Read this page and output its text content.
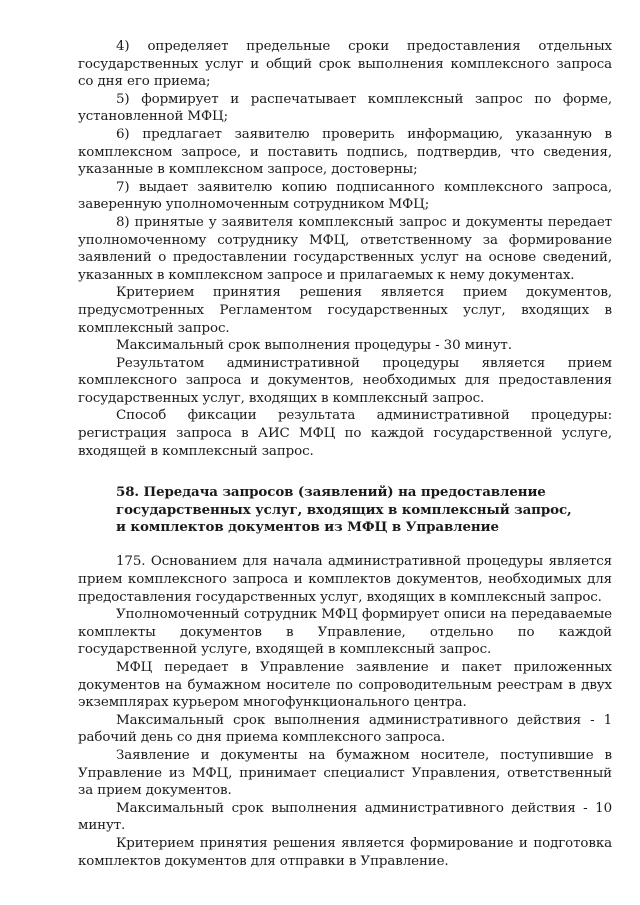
4) определяет предельные сроки предоставления отдельных государственных услуг и общий срок выполнения комплексного запроса со дня его приема;

5) формирует и распечатывает комплексный запрос по форме, установленной МФЦ;

6) предлагает заявителю проверить информацию, указанную в комплексном запросе, и поставить подпись, подтвердив, что сведения, указанные в комплексном запросе, достоверны;

7) выдает заявителю копию подписанного комплексного запроса, заверенную уполномоченным сотрудником МФЦ;

8) принятые у заявителя комплексный запрос и документы передает уполномоченному сотруднику МФЦ, ответственному за формирование заявлений о предоставлении государственных услуг на основе сведений, указанных в комплексном запросе и прилагаемых к нему документах.

Критерием принятия решения является прием документов, предусмотренных Регламентом государственных услуг, входящих в комплексный запрос.

Максимальный срок выполнения процедуры - 30 минут.

Результатом административной процедуры является прием комплексного запроса и документов, необходимых для предоставления государственных услуг, входящих в комплексный запрос.

Способ фиксации результата административной процедуры: регистрация запроса в АИС МФЦ по каждой государственной услуге, входящей в комплексный запрос.

58. Передача запросов (заявлений) на предоставление
государственных услуг, входящих в комплексный запрос,
и комплектов документов из МФЦ в Управление

175. Основанием для начала административной процедуры является прием комплексного запроса и комплектов документов, необходимых для предоставления государственных услуг, входящих в комплексный запрос.

Уполномоченный сотрудник МФЦ формирует описи на передаваемые комплекты документов в Управление, отдельно по каждой государственной услуге, входящей в комплексный запрос.

МФЦ передает в Управление заявление и пакет приложенных документов на бумажном носителе по сопроводительным реестрам в двух экземплярах курьером многофункционального центра.

Максимальный срок выполнения административного действия - 1 рабочий день со дня приема комплексного запроса.

Заявление и документы на бумажном носителе, поступившие в Управление из МФЦ, принимает специалист Управления, ответственный за прием документов.

Максимальный срок выполнения административного действия - 10 минут.

Критерием принятия решения является формирование и подготовка комплектов документов для отправки в Управление.
